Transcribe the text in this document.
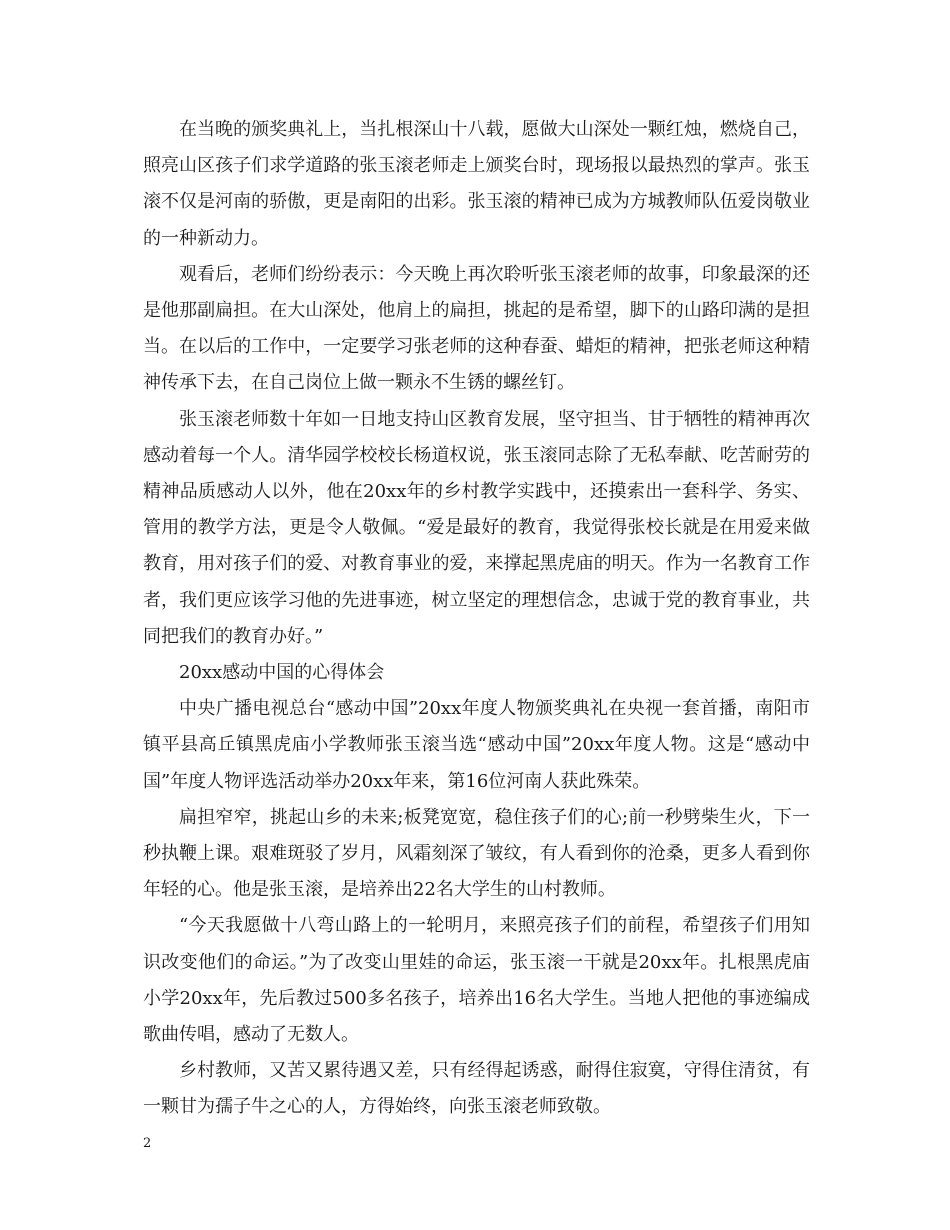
在当晚的颁奖典礼上，当扎根深山十八载，愿做大山深处一颗红烛，燃烧自己，照亮山区孩子们求学道路的张玉滚老师走上颁奖台时，现场报以最热烈的掌声。张玉滚不仅是河南的骄傲，更是南阳的出彩。张玉滚的精神已成为方城教师队伍爱岗敬业的一种新动力。

观看后，老师们纷纷表示：今天晚上再次聆听张玉滚老师的故事，印象最深的还是他那副扁担。在大山深处，他肩上的扁担，挑起的是希望，脚下的山路印满的是担当。在以后的工作中，一定要学习张老师的这种春蚕、蜡炬的精神，把张老师这种精神传承下去，在自己岗位上做一颗永不生锈的螺丝钉。

张玉滚老师数十年如一日地支持山区教育发展，坚守担当、甘于牺牲的精神再次感动着每一个人。清华园学校校长杨道权说，张玉滚同志除了无私奉献、吃苦耐劳的精神品质感动人以外，他在20xx年的乡村教学实践中，还摸索出一套科学、务实、管用的教学方法，更是令人敬佩。“爱是最好的教育，我觉得张校长就是在用爱来做教育，用对孩子们的爱、对教育事业的爱，来撑起黑虎庙的明天。作为一名教育工作者，我们更应该学习他的先进事迹，树立坚定的理想信念，忠诚于党的教育事业，共同把我们的教育办好。”

20xx感动中国的心得体会

中央广播电视总台“感动中国”20xx年度人物颁奖典礼在央视一套首播，南阳市镇平县高丘镇黑虎庙小学教师张玉滚当选“感动中国”20xx年度人物。这是“感动中国”年度人物评选活动举办20xx年来，第16位河南人获此殊荣。

扁担窄窄，挑起山乡的未来;板凳宽宽，稳住孩子们的心;前一秒劈柴生火，下一秒执鞭上课。艰难斑驳了岁月，风霜刻深了皱纹，有人看到你的沧桑，更多人看到你年轻的心。他是张玉滚，是培养出22名大学生的山村教师。

“今天我愿做十八弯山路上的一轮明月，来照亮孩子们的前程，希望孩子们用知识改变他们的命运。”为了改变山里娃的命运，张玉滚一干就是20xx年。扎根黑虎庙小学20xx年，先后教过500多名孩子，培养出16名大学生。当地人把他的事迹编成歌曲传唱，感动了无数人。

乡村教师，又苦又累待遇又差，只有经得起诱惑，耐得住寂寞，守得住清贫，有一颗甘为孺子牛之心的人，方得始终，向张玉滚老师致敬。

2
